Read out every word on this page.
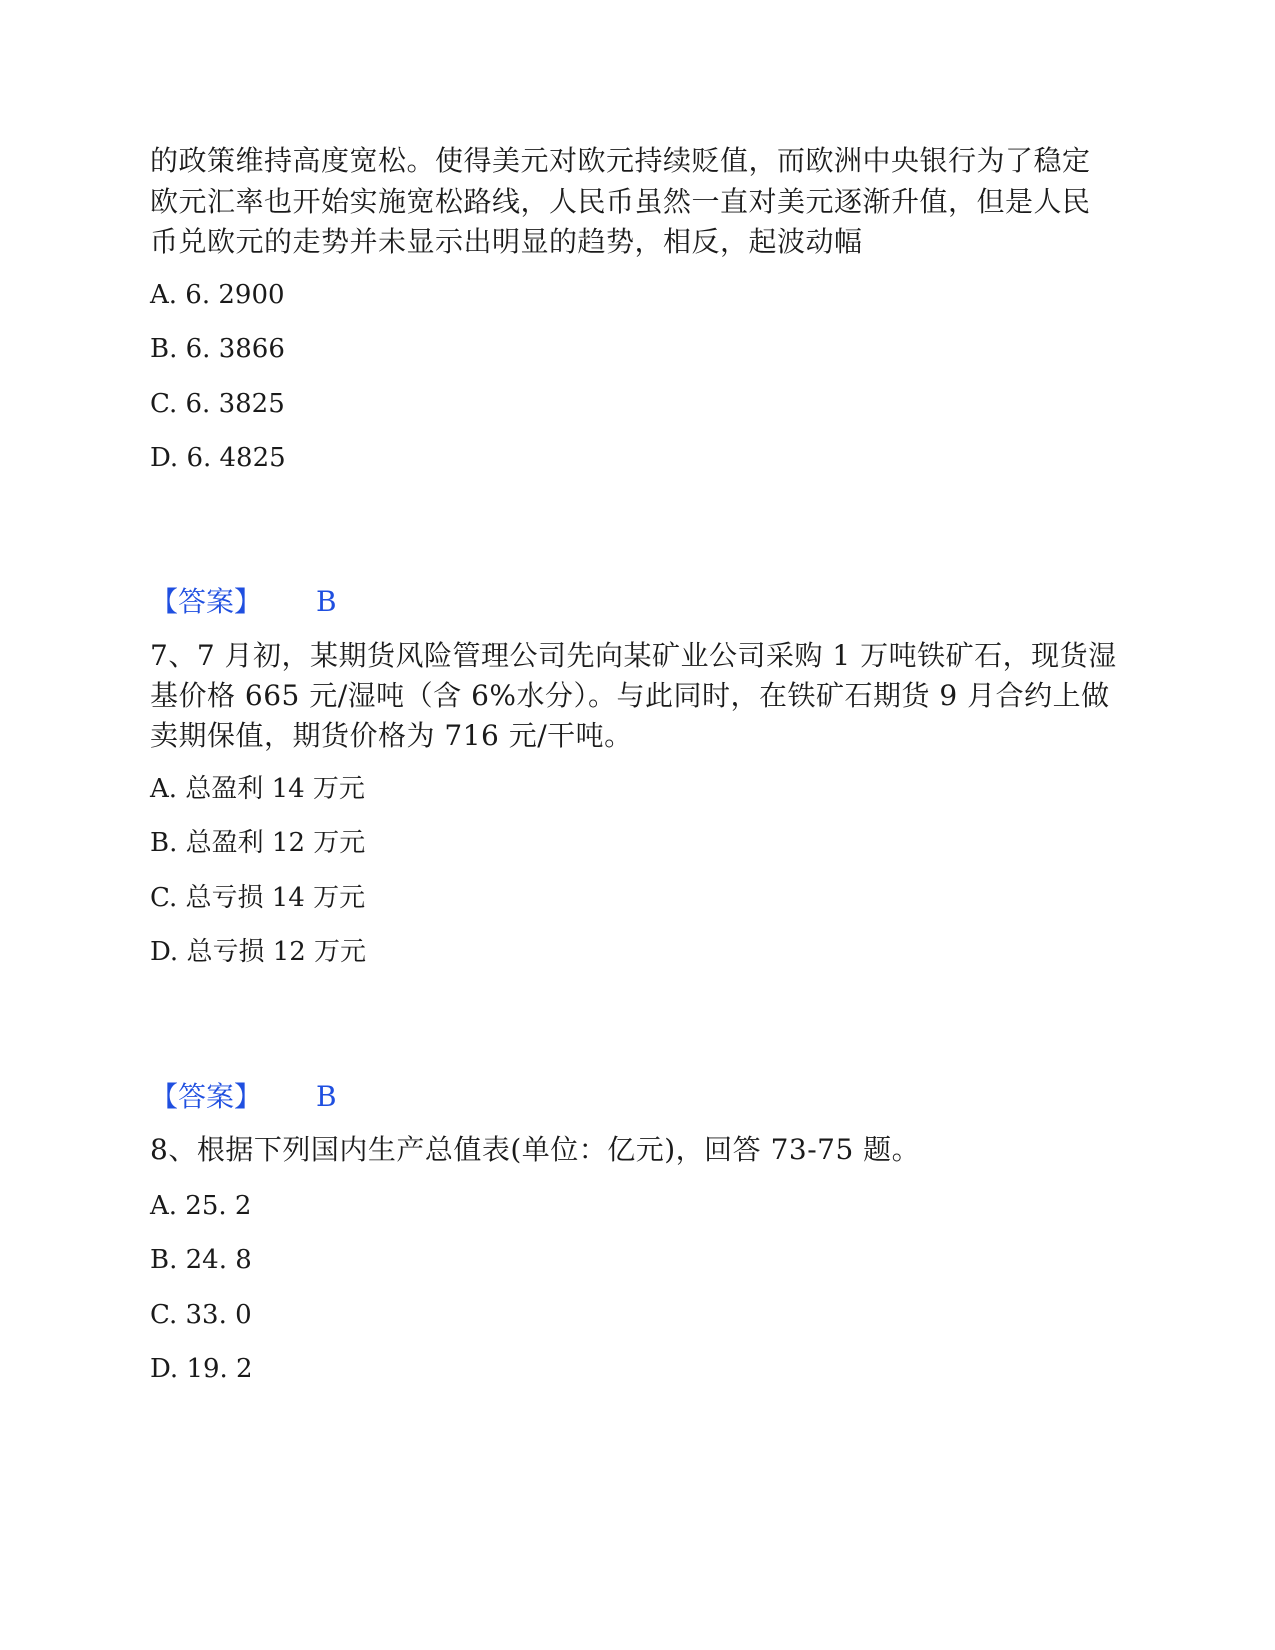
的政策维持高度宽松。使得美元对欧元持续贬值，而欧洲中央银行为了稳定
欧元汇率也开始实施宽松路线，人民币虽然一直对美元逐渐升值，但是人民
币兑欧元的走势并未显示出明显的趋势，相反，起波动幅
A. 6. 2900
B. 6. 3866
C. 6. 3825
D. 6. 4825
【答案】 B
7、7 月初，某期货风险管理公司先向某矿业公司采购 1 万吨铁矿石，现货湿
基价格 665 元/湿吨（含 6%水分）。与此同时，在铁矿石期货 9 月合约上做
卖期保值，期货价格为 716 元/干吨。
A. 总盈利 14 万元
B. 总盈利 12 万元
C. 总亏损 14 万元
D. 总亏损 12 万元
【答案】 B
8、根据下列国内生产总值表(单位：亿元)，回答 73-75 题。
A. 25. 2
B. 24. 8
C. 33. 0
D. 19. 2
